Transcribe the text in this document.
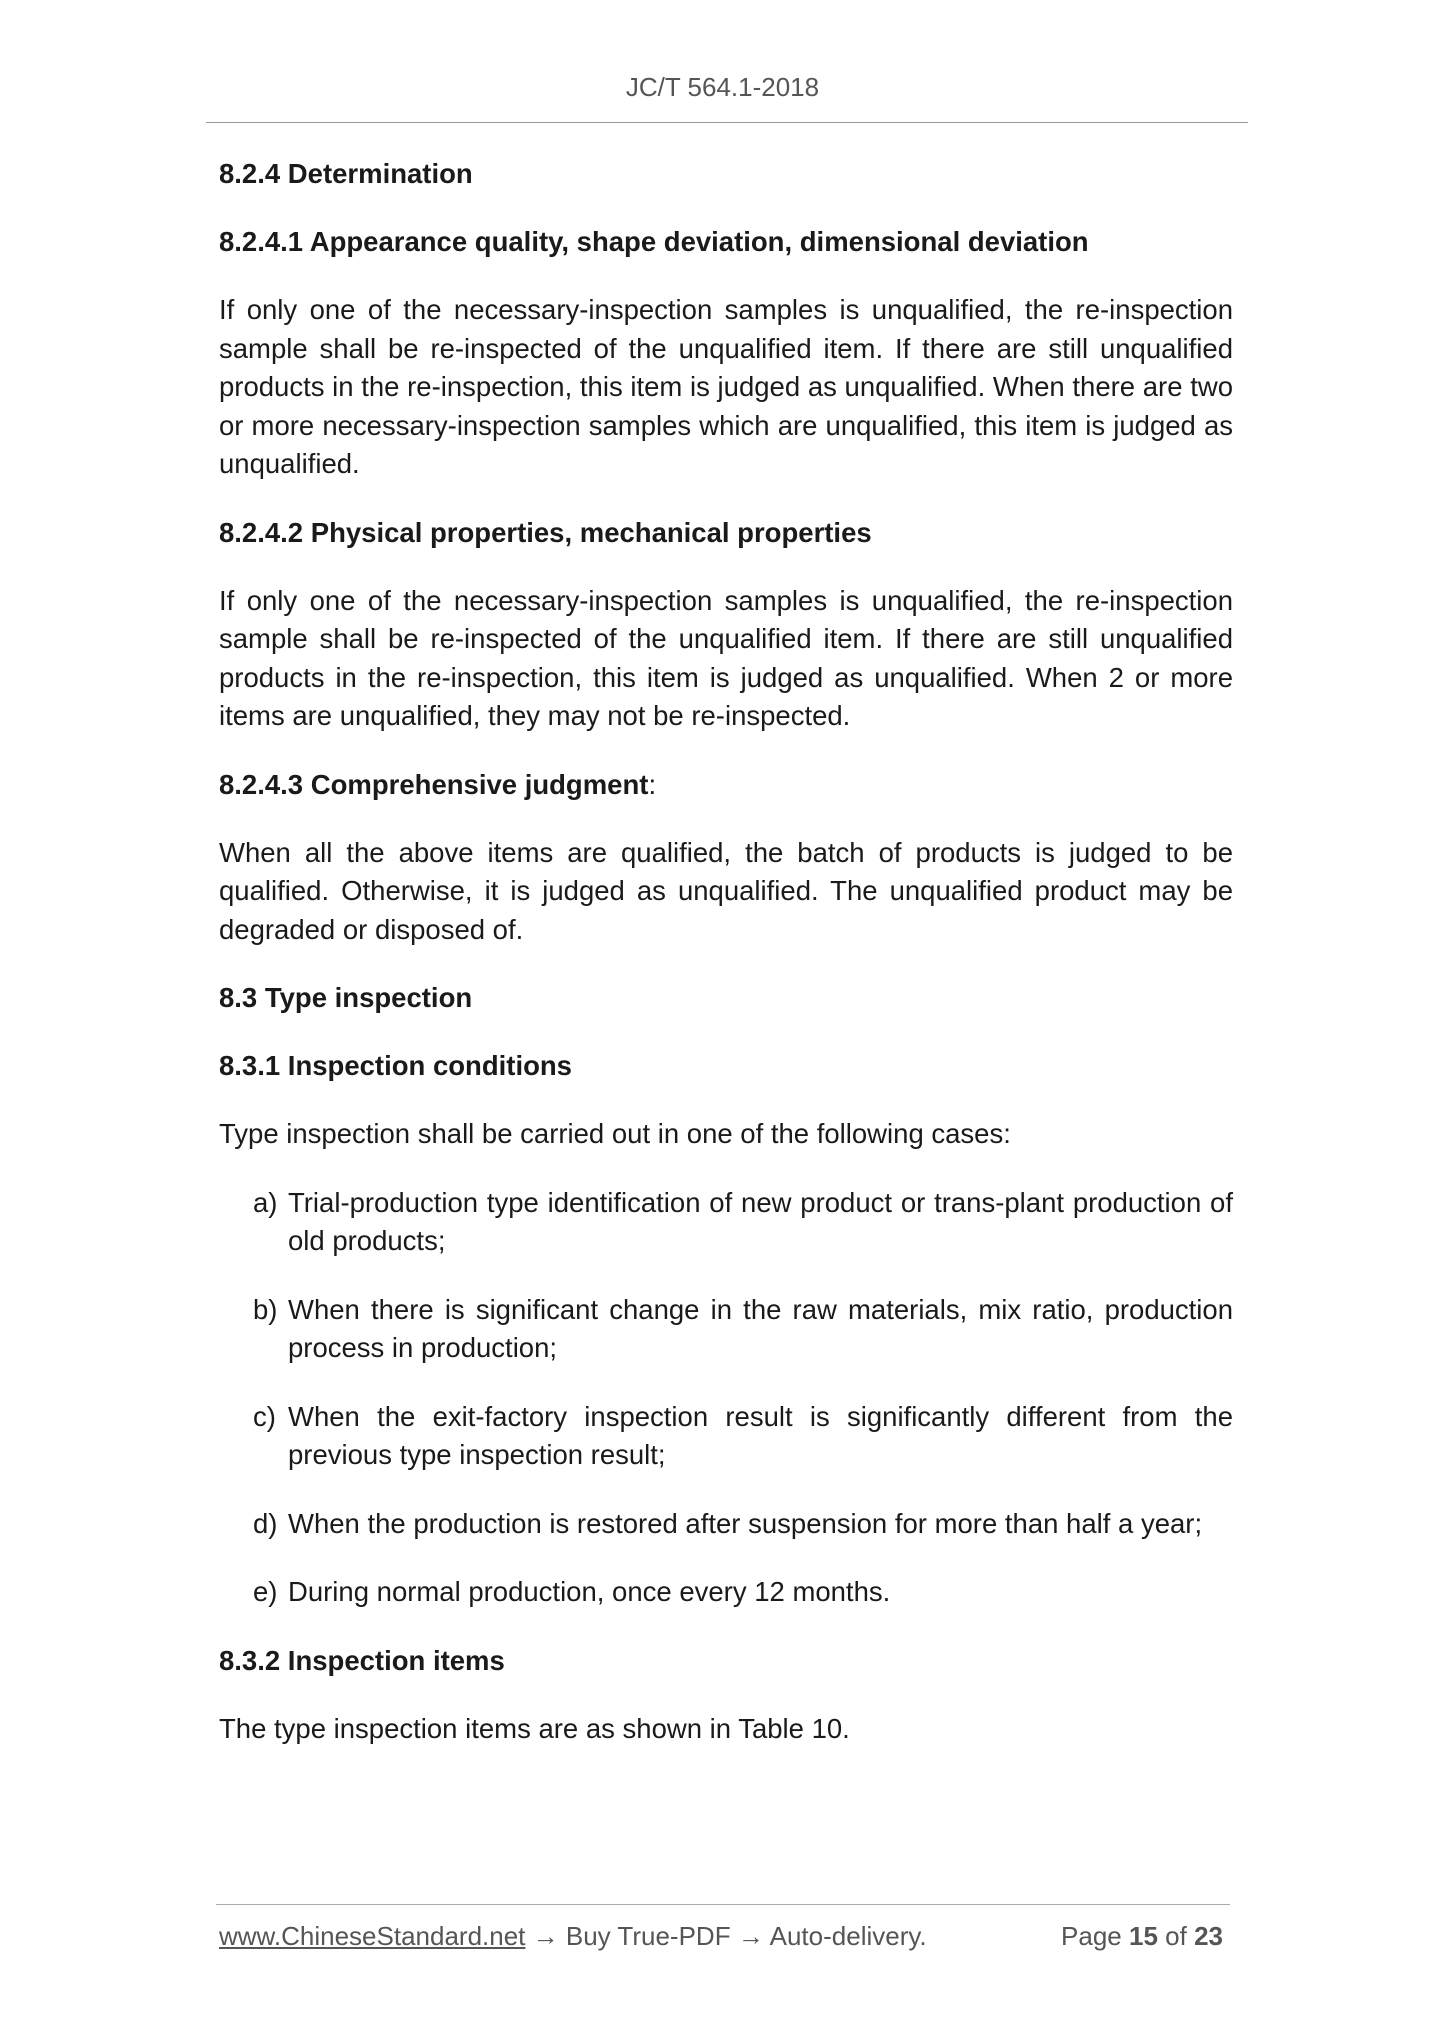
JC/T 564.1-2018
8.2.4 Determination
8.2.4.1 Appearance quality, shape deviation, dimensional deviation
If only one of the necessary-inspection samples is unqualified, the re-inspection sample shall be re-inspected of the unqualified item. If there are still unqualified products in the re-inspection, this item is judged as unqualified. When there are two or more necessary-inspection samples which are unqualified, this item is judged as unqualified.
8.2.4.2 Physical properties, mechanical properties
If only one of the necessary-inspection samples is unqualified, the re-inspection sample shall be re-inspected of the unqualified item. If there are still unqualified products in the re-inspection, this item is judged as unqualified. When 2 or more items are unqualified, they may not be re-inspected.
8.2.4.3 Comprehensive judgment:
When all the above items are qualified, the batch of products is judged to be qualified. Otherwise, it is judged as unqualified. The unqualified product may be degraded or disposed of.
8.3 Type inspection
8.3.1 Inspection conditions
Type inspection shall be carried out in one of the following cases:
a) Trial-production type identification of new product or trans-plant production of old products;
b) When there is significant change in the raw materials, mix ratio, production process in production;
c) When the exit-factory inspection result is significantly different from the previous type inspection result;
d) When the production is restored after suspension for more than half a year;
e) During normal production, once every 12 months.
8.3.2 Inspection items
The type inspection items are as shown in Table 10.
www.ChineseStandard.net → Buy True-PDF → Auto-delivery.	Page 15 of 23
